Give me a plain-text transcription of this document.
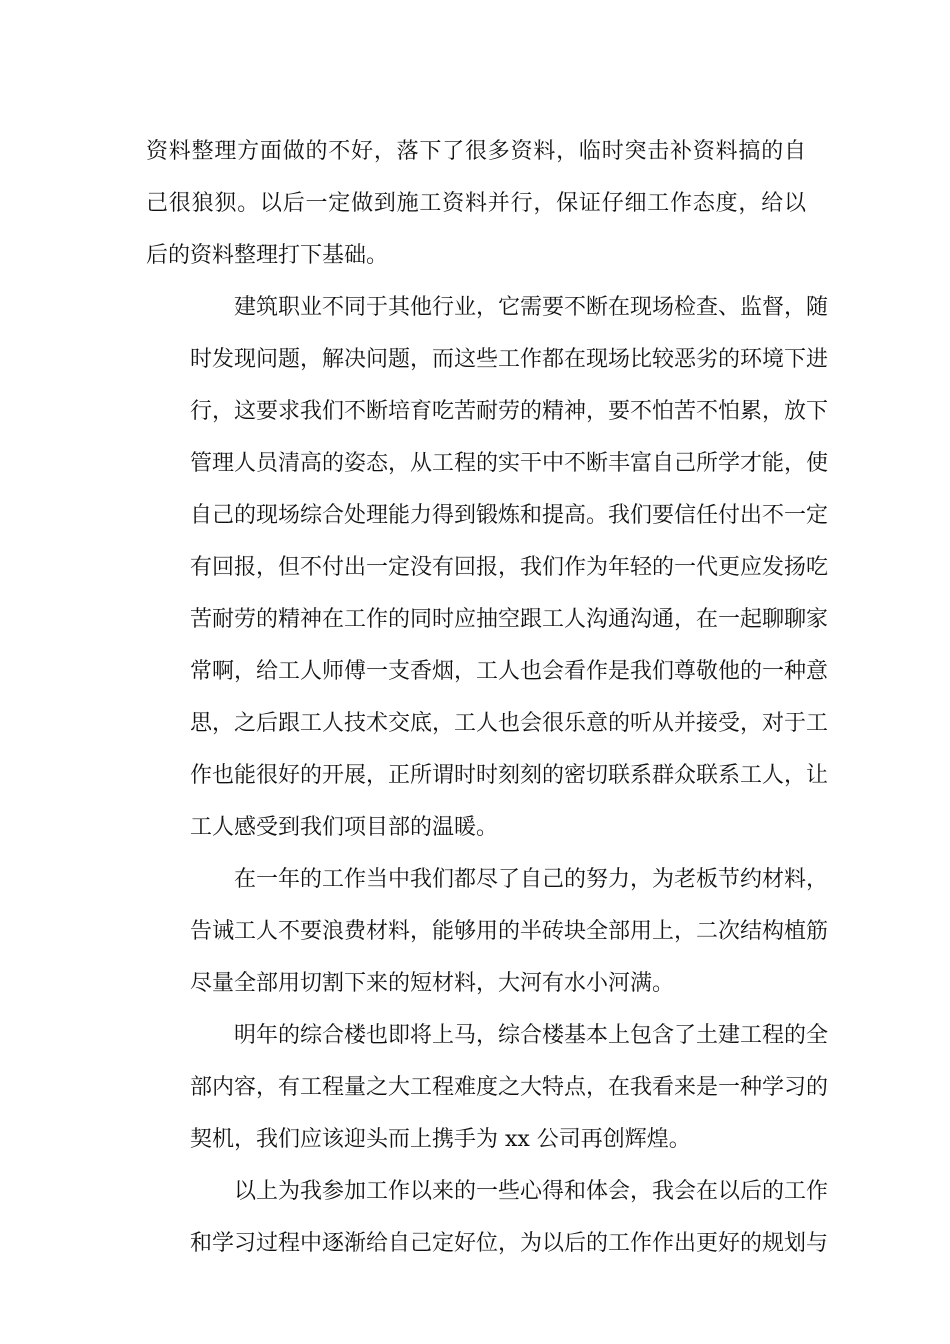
资料整理方面做的不好，落下了很多资料，临时突击补资料搞的自
己很狼狈。以后一定做到施工资料并行，保证仔细工作态度，给以
后的资料整理打下基础。
建筑职业不同于其他行业，它需要不断在现场检查、监督，随
时发现问题，解决问题，而这些工作都在现场比较恶劣的环境下进
行，这要求我们不断培育吃苦耐劳的精神，要不怕苦不怕累，放下
管理人员清高的姿态，从工程的实干中不断丰富自己所学才能，使
自己的现场综合处理能力得到锻炼和提高。我们要信任付出不一定
有回报，但不付出一定没有回报，我们作为年轻的一代更应发扬吃
苦耐劳的精神在工作的同时应抽空跟工人沟通沟通，在一起聊聊家
常啊，给工人师傅一支香烟，工人也会看作是我们尊敬他的一种意
思，之后跟工人技术交底，工人也会很乐意的听从并接受，对于工
作也能很好的开展，正所谓时时刻刻的密切联系群众联系工人，让
工人感受到我们项目部的温暖。
在一年的工作当中我们都尽了自己的努力，为老板节约材料，
告诫工人不要浪费材料，能够用的半砖块全部用上，二次结构植筋
尽量全部用切割下来的短材料，大河有水小河满。
明年的综合楼也即将上马，综合楼基本上包含了土建工程的全
部内容，有工程量之大工程难度之大特点，在我看来是一种学习的
契机，我们应该迎头而上携手为 xx 公司再创辉煌。
以上为我参加工作以来的一些心得和体会，我会在以后的工作
和学习过程中逐渐给自己定好位，为以后的工作作出更好的规划与
